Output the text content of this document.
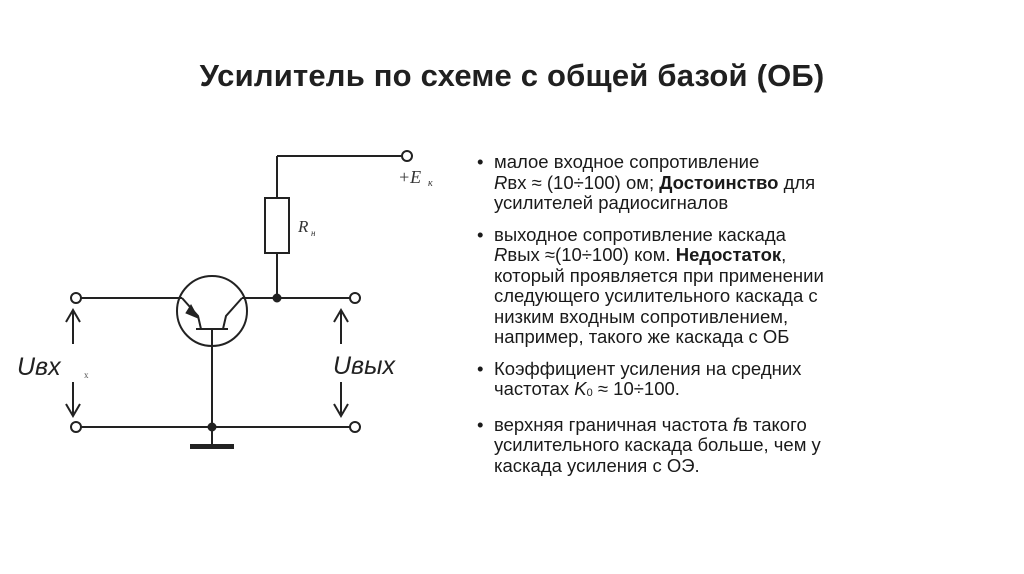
Усилитель по схеме с общей базой (ОБ)
+E к
R н
Uвх	х	Uвых
• малое входное сопротивление
Rвх ≈ (10÷100) ом; Достоинство для
усилителей радиосигналов
• выходное сопротивление каскада
Rвых ≈(10÷100) ком. Недостаток,
который проявляется при применении
следующего усилительного каскада с
низким входным сопротивлением,
например, такого же каскада с ОБ
• Коэффициент усиления на средних
частотах K0 ≈ 10÷100.
• верхняя граничная частота fв такого
усилительного каскада больше, чем у
каскада усиления с ОЭ.
